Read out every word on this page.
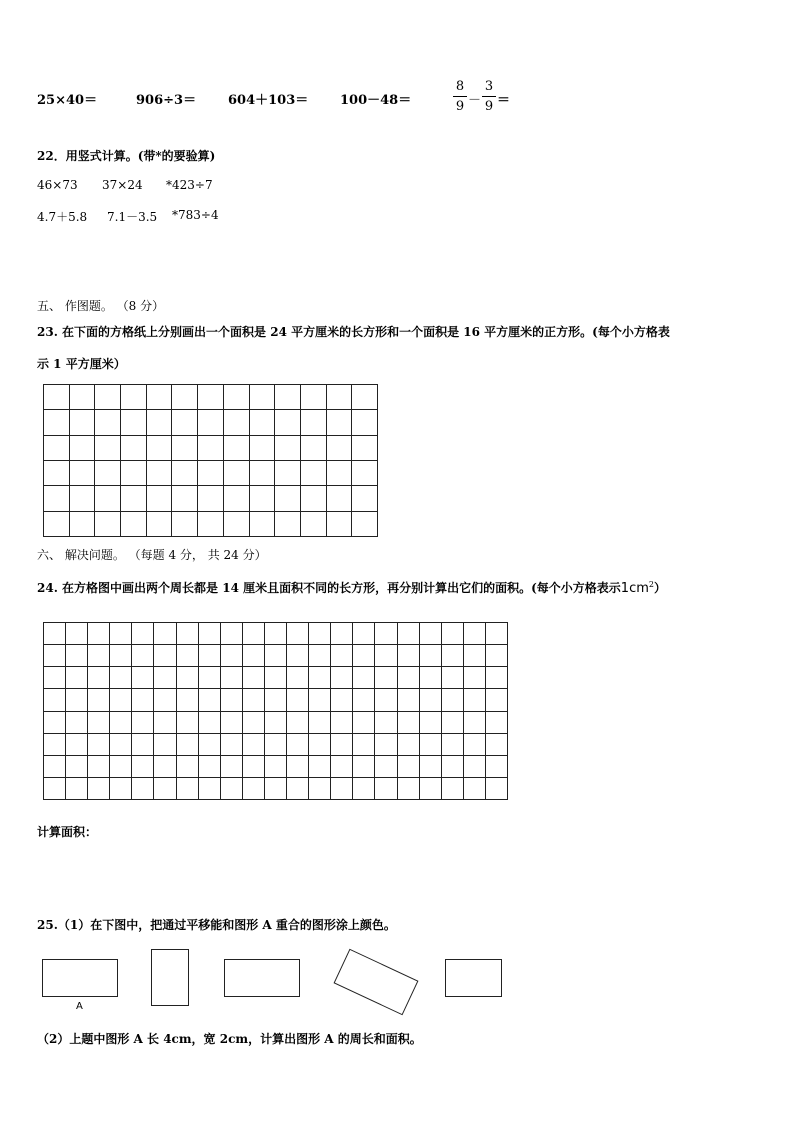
25×40＝	906÷3＝ 604＋103＝ 100－48＝
8
9 －
3
9 ＝
22．用竖式计算。(带*的要验算)
46×73 37×24 *423÷7
4.7＋5.8 7.1－3.5 *783÷4
五、 作图题。 （8 分）
23. 在下面的方格纸上分别画出一个面积是 24 平方厘米的长方形和一个面积是 16 平方厘米的正方形。(每个小方格表
示 1 平方厘米）
六、 解决问题。 （每题 4 分， 共 24 分）
24. 在方格图中画出两个周长都是 14 厘米且面积不同的长方形，再分别计算出它们的面积。(每个小方格表示$1cm^2$）
计算面积：
25.（1）在下图中，把通过平移能和图形 A 重合的图形涂上颜色。
A
（2）上题中图形 A 长 4cm，宽 2cm，计算出图形 A 的周长和面积。
